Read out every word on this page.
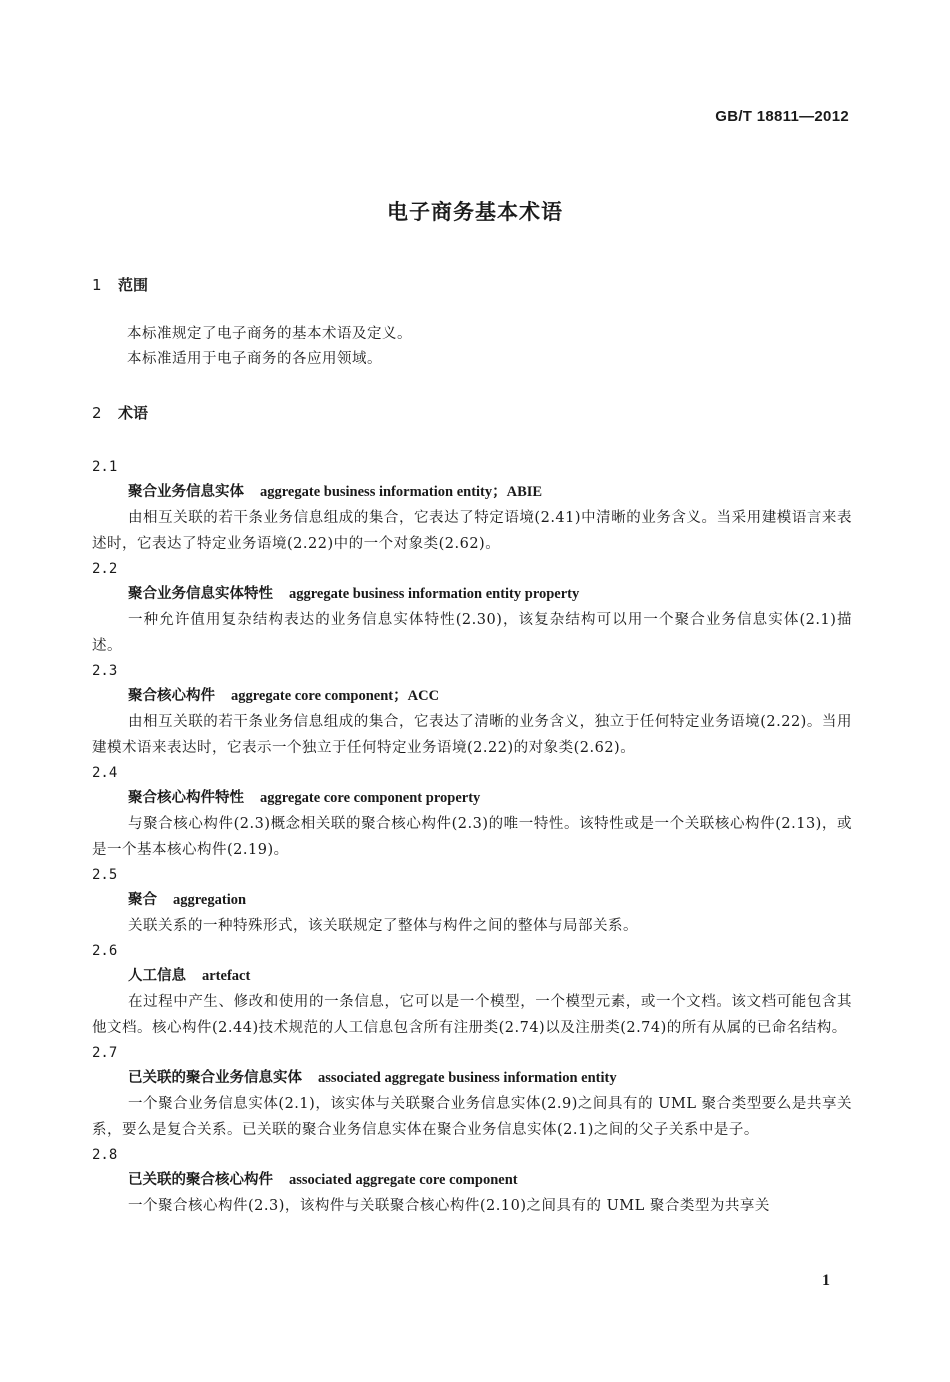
GB/T 18811—2012
电子商务基本术语
1 范围
本标准规定了电子商务的基本术语及定义。
本标准适用于电子商务的各应用领域。
2 术语
2.1
聚合业务信息实体 aggregate business information entity；ABIE
由相互关联的若干条业务信息组成的集合，它表达了特定语境(2.41)中清晰的业务含义。当采用建模语言来表述时，它表达了特定业务语境(2.22)中的一个对象类(2.62)。
2.2
聚合业务信息实体特性 aggregate business information entity property
一种允许值用复杂结构表达的业务信息实体特性(2.30)，该复杂结构可以用一个聚合业务信息实体(2.1)描述。
2.3
聚合核心构件 aggregate core component；ACC
由相互关联的若干条业务信息组成的集合，它表达了清晰的业务含义，独立于任何特定业务语境(2.22)。当用建模术语来表达时，它表示一个独立于任何特定业务语境(2.22)的对象类(2.62)。
2.4
聚合核心构件特性 aggregate core component property
与聚合核心构件(2.3)概念相关联的聚合核心构件(2.3)的唯一特性。该特性或是一个关联核心构件(2.13)，或是一个基本核心构件(2.19)。
2.5
聚合 aggregation
关联关系的一种特殊形式，该关联规定了整体与构件之间的整体与局部关系。
2.6
人工信息 artefact
在过程中产生、修改和使用的一条信息，它可以是一个模型，一个模型元素，或一个文档。该文档可能包含其他文档。核心构件(2.44)技术规范的人工信息包含所有注册类(2.74)以及注册类(2.74)的所有从属的已命名结构。
2.7
已关联的聚合业务信息实体 associated aggregate business information entity
一个聚合业务信息实体(2.1)，该实体与关联聚合业务信息实体(2.9)之间具有的 UML 聚合类型要么是共享关系，要么是复合关系。已关联的聚合业务信息实体在聚合业务信息实体(2.1)之间的父子关系中是子。
2.8
已关联的聚合核心构件 associated aggregate core component
一个聚合核心构件(2.3)，该构件与关联聚合核心构件(2.10)之间具有的 UML 聚合类型为共享关
1
